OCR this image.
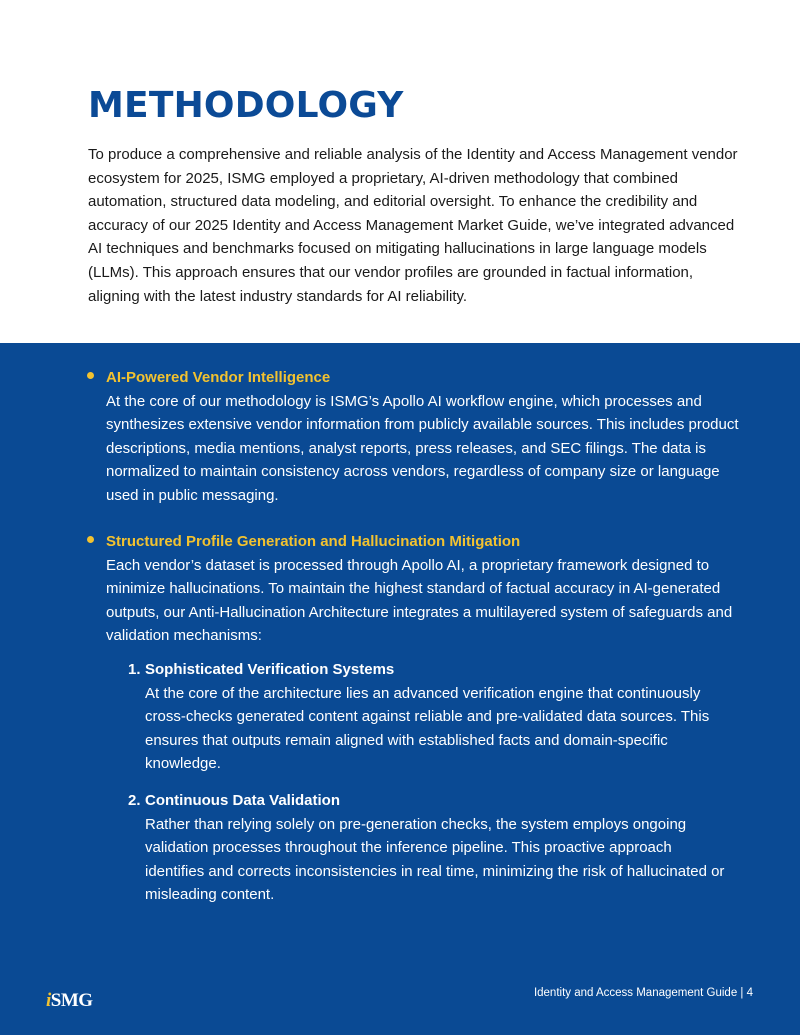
METHODOLOGY

To produce a comprehensive and reliable analysis of the Identity and Access Management vendor ecosystem for 2025, ISMG employed a proprietary, AI-driven methodology that combined automation, structured data modeling, and editorial oversight. To enhance the credibility and accuracy of our 2025 Identity and Access Management Market Guide, we’ve integrated advanced AI techniques and benchmarks focused on mitigating hallucinations in large language models (LLMs). This approach ensures that our vendor profiles are grounded in factual information, aligning with the latest industry standards for AI reliability.

AI-Powered Vendor Intelligence

At the core of our methodology is ISMG’s Apollo AI workflow engine, which processes and synthesizes extensive vendor information from publicly available sources. This includes product descriptions, media mentions, analyst reports, press releases, and SEC filings. The data is normalized to maintain consistency across vendors, regardless of company size or language used in public messaging.

Structured Profile Generation and Hallucination Mitigation

Each vendor’s dataset is processed through Apollo AI, a proprietary framework designed to minimize hallucinations. To maintain the highest standard of factual accuracy in AI-generated outputs, our Anti-Hallucination Architecture integrates a multilayered system of safeguards and validation mechanisms:

1. Sophisticated Verification Systems

At the core of the architecture lies an advanced verification engine that continuously cross-checks generated content against reliable and pre-validated data sources. This ensures that outputs remain aligned with established facts and domain-specific knowledge.

2. Continuous Data Validation

Rather than relying solely on pre-generation checks, the system employs ongoing validation processes throughout the inference pipeline. This proactive approach identifies and corrects inconsistencies in real time, minimizing the risk of hallucinated or misleading content.

iSMG	Identity and Access Management Guide | 4
